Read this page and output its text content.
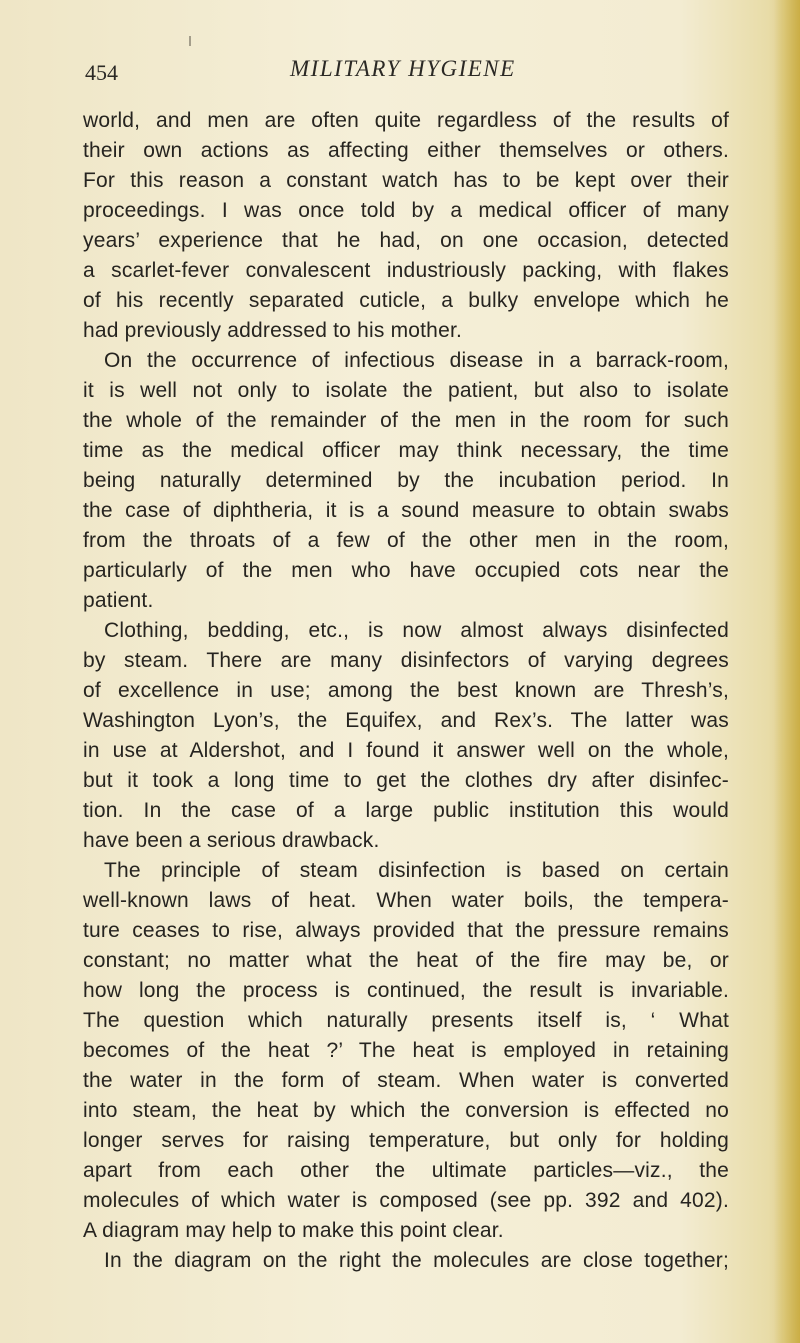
454	MILITARY HYGIENE
world, and men are often quite regardless of the results of
their own actions as affecting either themselves or others.
For this reason a constant watch has to be kept over their
proceedings. I was once told by a medical officer of many
years’ experience that he had, on one occasion, detected
a scarlet-fever convalescent industriously packing, with flakes
of his recently separated cuticle, a bulky envelope which he
had previously addressed to his mother.
On the occurrence of infectious disease in a barrack-room,
it is well not only to isolate the patient, but also to isolate
the whole of the remainder of the men in the room for such
time as the medical officer may think necessary, the time
being naturally determined by the incubation period. In
the case of diphtheria, it is a sound measure to obtain swabs
from the throats of a few of the other men in the room,
particularly of the men who have occupied cots near the
patient.
Clothing, bedding, etc., is now almost always disinfected
by steam. There are many disinfectors of varying degrees
of excellence in use; among the best known are Thresh’s,
Washington Lyon’s, the Equifex, and Rex’s. The latter was
in use at Aldershot, and I found it answer well on the whole,
but it took a long time to get the clothes dry after disinfec-
tion. In the case of a large public institution this would
have been a serious drawback.
The principle of steam disinfection is based on certain
well-known laws of heat. When water boils, the tempera-
ture ceases to rise, always provided that the pressure remains
constant; no matter what the heat of the fire may be, or
how long the process is continued, the result is invariable.
The question which naturally presents itself is, ‘ What
becomes of the heat ?’ The heat is employed in retaining
the water in the form of steam. When water is converted
into steam, the heat by which the conversion is effected no
longer serves for raising temperature, but only for holding
apart from each other the ultimate particles—viz., the
molecules of which water is composed (see pp. 392 and 402).
A diagram may help to make this point clear.
In the diagram on the right the molecules are close together;
